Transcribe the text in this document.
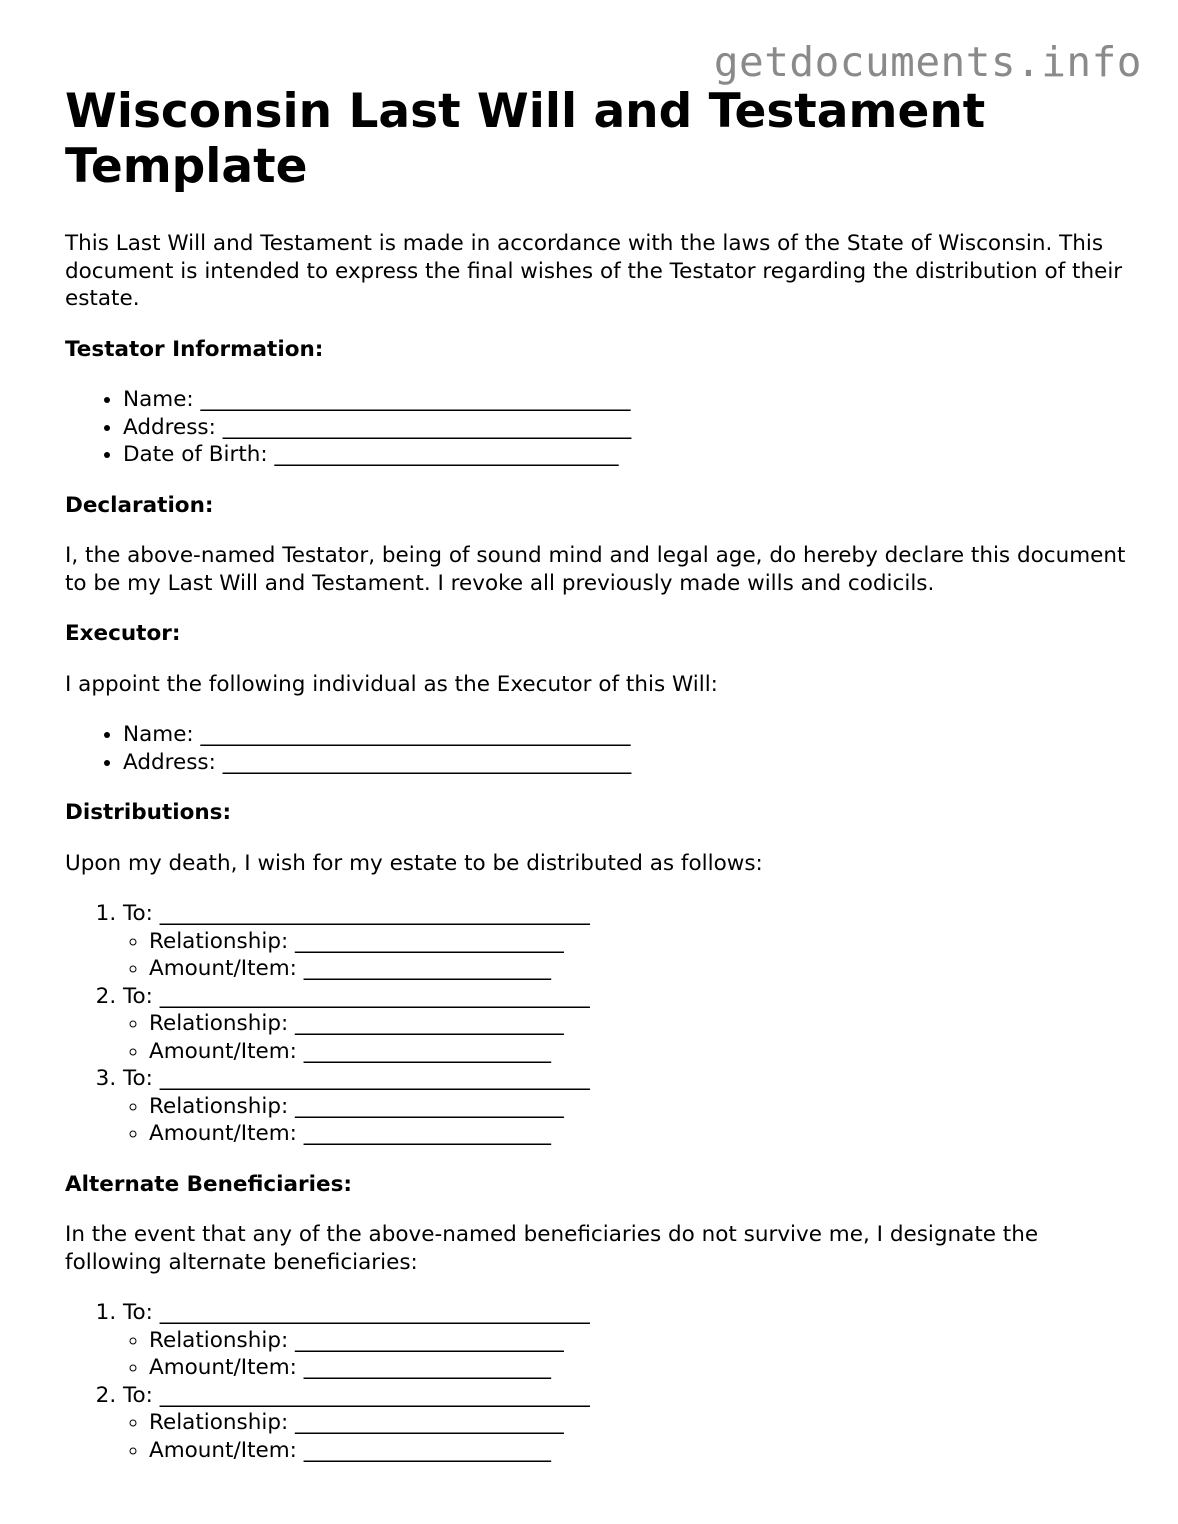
getdocuments.info
Wisconsin Last Will and Testament Template

This Last Will and Testament is made in accordance with the laws of the State of Wisconsin. This document is intended to express the final wishes of the Testator regarding the distribution of their estate.

Testator Information:
• Name: ________________________________________
• Address: ______________________________________
• Date of Birth: ________________________________
Declaration:

I, the above-named Testator, being of sound mind and legal age, do hereby declare this document to be my Last Will and Testament. I revoke all previously made wills and codicils.

Executor:

I appoint the following individual as the Executor of this Will:

• Name: ________________________________________
• Address: ______________________________________
Distributions:

Upon my death, I wish for my estate to be distributed as follows:

1. To: ________________________________________
◦ Relationship: _________________________
◦ Amount/Item: _______________________
2. To: ________________________________________
◦ Relationship: _________________________
◦ Amount/Item: _______________________
3. To: ________________________________________
◦ Relationship: _________________________
◦ Amount/Item: _______________________
Alternate Beneficiaries:

In the event that any of the above-named beneficiaries do not survive me, I designate the following alternate beneficiaries:

1. To: ________________________________________
◦ Relationship: _________________________
◦ Amount/Item: _______________________
2. To: ________________________________________
◦ Relationship: _________________________
◦ Amount/Item: _______________________
